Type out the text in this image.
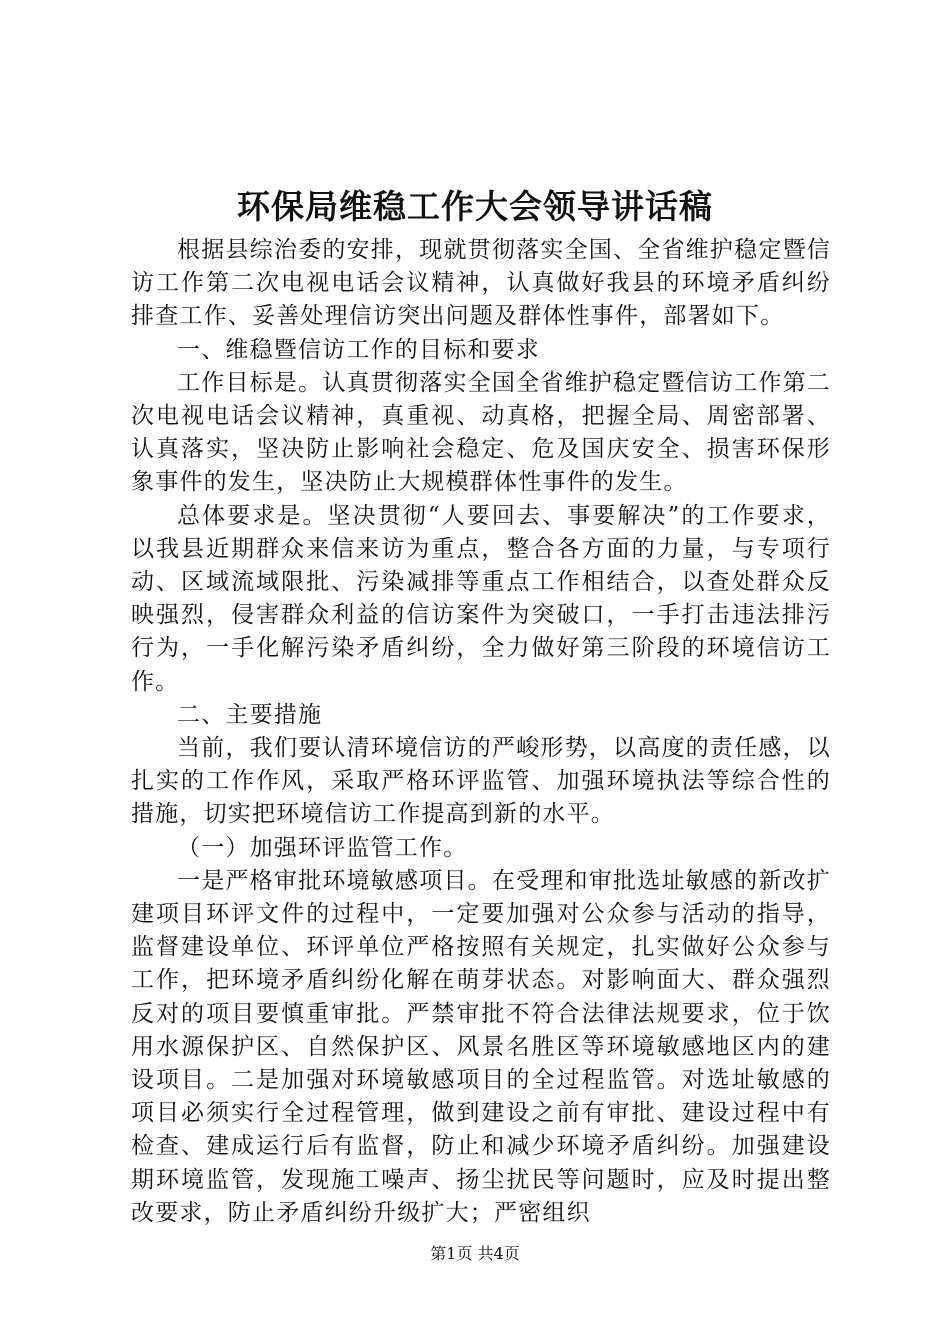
环保局维稳工作大会领导讲话稿

根据县综治委的安排，现就贯彻落实全国、全省维护稳定暨信访工作第二次电视电话会议精神，认真做好我县的环境矛盾纠纷排查工作、妥善处理信访突出问题及群体性事件，部署如下。

一、维稳暨信访工作的目标和要求

工作目标是。认真贯彻落实全国全省维护稳定暨信访工作第二次电视电话会议精神，真重视、动真格，把握全局、周密部署、认真落实，坚决防止影响社会稳定、危及国庆安全、损害环保形象事件的发生，坚决防止大规模群体性事件的发生。

总体要求是。坚决贯彻“人要回去、事要解决”的工作要求，以我县近期群众来信来访为重点，整合各方面的力量，与专项行动、区域流域限批、污染减排等重点工作相结合，以查处群众反映强烈，侵害群众利益的信访案件为突破口，一手打击违法排污行为，一手化解污染矛盾纠纷，全力做好第三阶段的环境信访工作。

二、主要措施

当前，我们要认清环境信访的严峻形势，以高度的责任感，以扎实的工作作风，采取严格环评监管、加强环境执法等综合性的措施，切实把环境信访工作提高到新的水平。

（一）加强环评监管工作。

一是严格审批环境敏感项目。在受理和审批选址敏感的新改扩建项目环评文件的过程中，一定要加强对公众参与活动的指导，监督建设单位、环评单位严格按照有关规定，扎实做好公众参与工作，把环境矛盾纠纷化解在萌芽状态。对影响面大、群众强烈反对的项目要慎重审批。严禁审批不符合法律法规要求，位于饮用水源保护区、自然保护区、风景名胜区等环境敏感地区内的建设项目。二是加强对环境敏感项目的全过程监管。对选址敏感的项目必须实行全过程管理，做到建设之前有审批、建设过程中有检查、建成运行后有监督，防止和减少环境矛盾纠纷。加强建设期环境监管，发现施工噪声、扬尘扰民等问题时，应及时提出整改要求，防止矛盾纠纷升级扩大；严密组织

第1页 共4页
